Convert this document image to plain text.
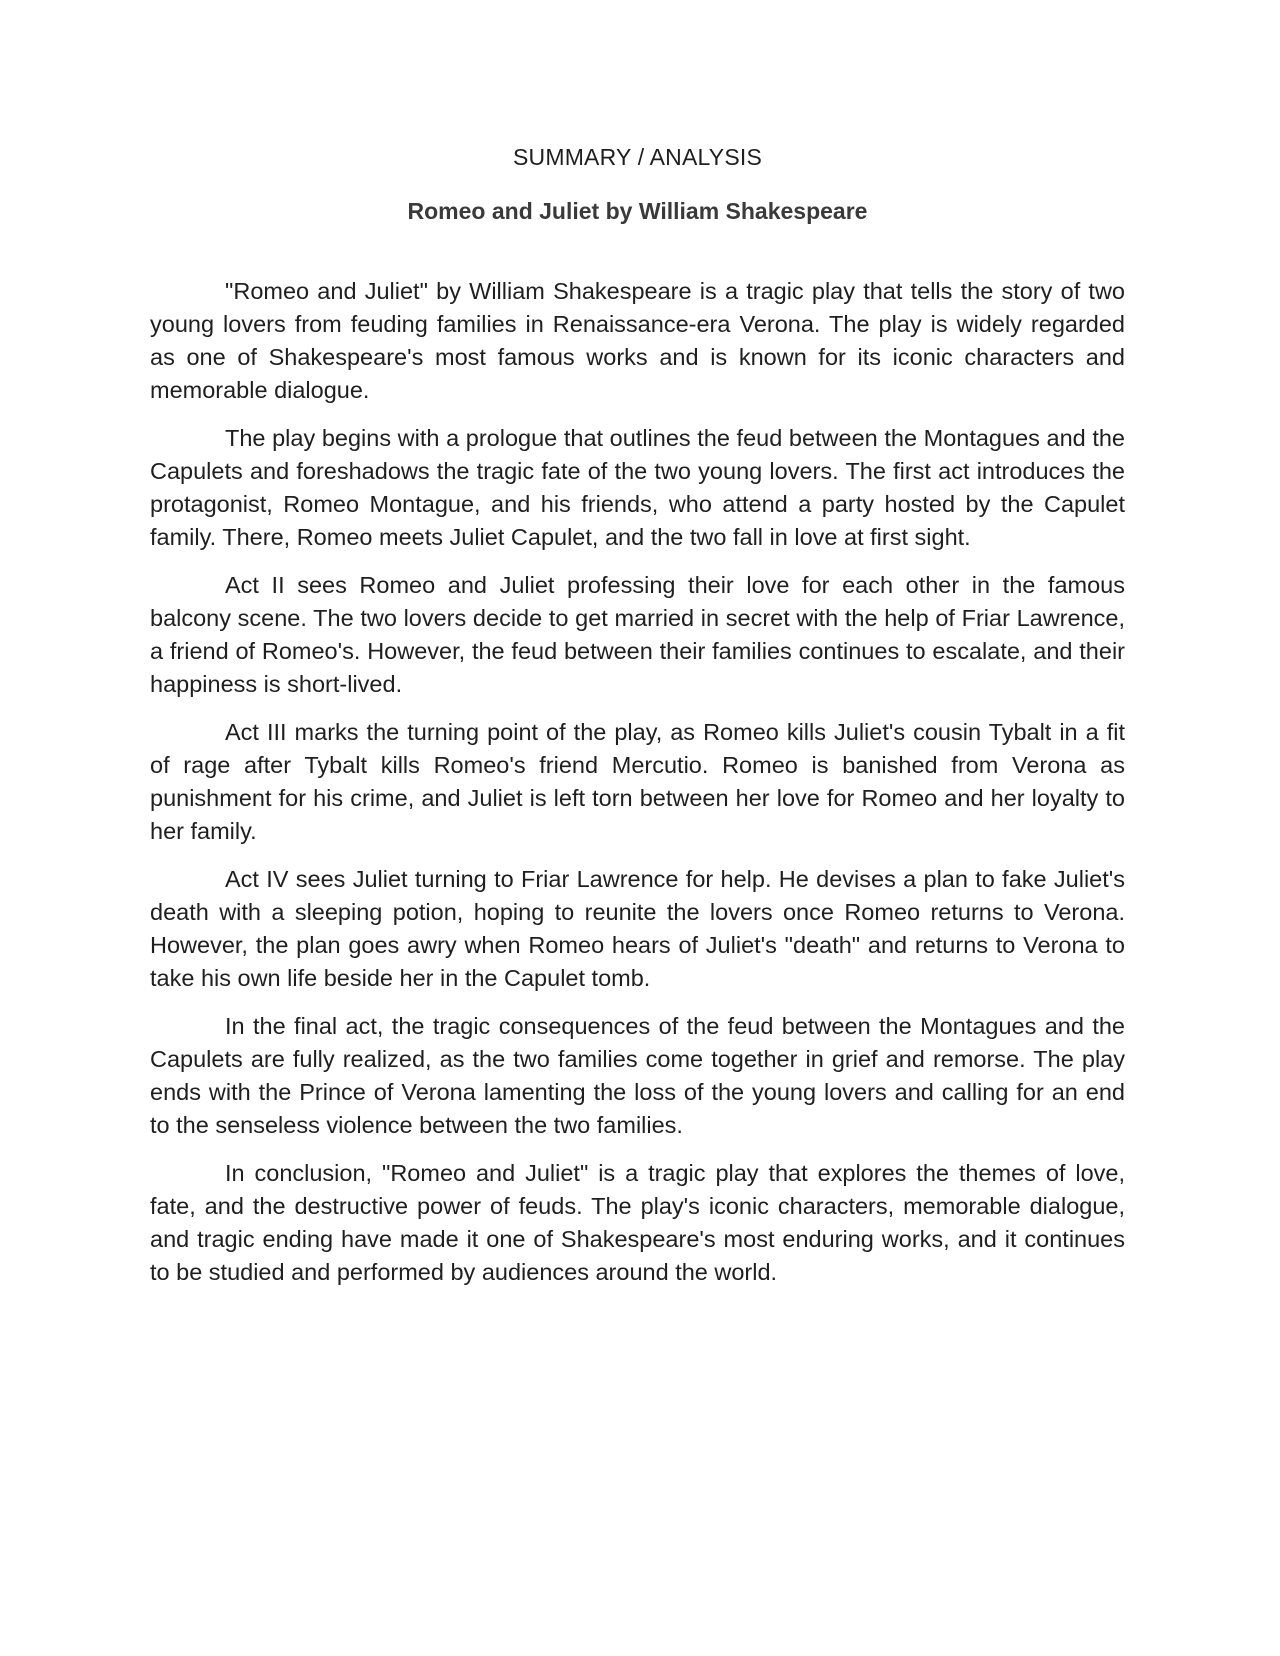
SUMMARY / ANALYSIS
Romeo and Juliet by William Shakespeare

"Romeo and Juliet" by William Shakespeare is a tragic play that tells the story of two young lovers from feuding families in Renaissance-era Verona. The play is widely regarded as one of Shakespeare's most famous works and is known for its iconic characters and memorable dialogue.

The play begins with a prologue that outlines the feud between the Montagues and the Capulets and foreshadows the tragic fate of the two young lovers. The first act introduces the protagonist, Romeo Montague, and his friends, who attend a party hosted by the Capulet family. There, Romeo meets Juliet Capulet, and the two fall in love at first sight.

Act II sees Romeo and Juliet professing their love for each other in the famous balcony scene. The two lovers decide to get married in secret with the help of Friar Lawrence, a friend of Romeo's. However, the feud between their families continues to escalate, and their happiness is short-lived.

Act III marks the turning point of the play, as Romeo kills Juliet's cousin Tybalt in a fit of rage after Tybalt kills Romeo's friend Mercutio. Romeo is banished from Verona as punishment for his crime, and Juliet is left torn between her love for Romeo and her loyalty to her family.

Act IV sees Juliet turning to Friar Lawrence for help. He devises a plan to fake Juliet's death with a sleeping potion, hoping to reunite the lovers once Romeo returns to Verona. However, the plan goes awry when Romeo hears of Juliet's "death" and returns to Verona to take his own life beside her in the Capulet tomb.

In the final act, the tragic consequences of the feud between the Montagues and the Capulets are fully realized, as the two families come together in grief and remorse. The play ends with the Prince of Verona lamenting the loss of the young lovers and calling for an end to the senseless violence between the two families.

In conclusion, "Romeo and Juliet" is a tragic play that explores the themes of love, fate, and the destructive power of feuds. The play's iconic characters, memorable dialogue, and tragic ending have made it one of Shakespeare's most enduring works, and it continues to be studied and performed by audiences around the world.
